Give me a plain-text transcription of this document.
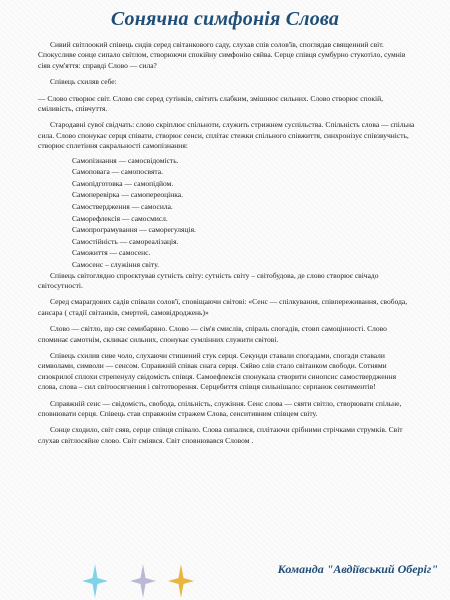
Сонячна симфонія Слова

Сивий світлоокий співець сидів серед світанкового саду, слухав спів солов'їв, споглядав священний світ. Спокусливе сонце сипало світлом, створюючи спокійну симфонію сяйва. Серце співця сумбурно стукотіло, сумнів сіяв сум'яття: справді Слово — сила?

Співець схиляв себе:

— Слово створює світ. Слово сяє серед сутінків, світить слабким, змішнює сильних. Слово створює спокій, сміливість, співчуття.

Стародавні сувої свідчать: слово скріплює спільноти, служить стрижнем суспільства. Спільність слова — спільна сила. Слово спонукає серця співати, створює сенси, сплітає стежки спільного співжиття, синхронізує співзвучність, створює сплетіння сакральності самопізнання:

Самопізнання — самосвідомість.
Самоповага — самопосвята.
Самопідготовка — самопідйом.
Самоперевірка — самопереоцінка.
Самоствердження — самосила.
Саморефлексія — самосмисл.
Самопрограмування — саморегуляція.
Самостійність — самореалізація.
Саможиття — самосенс.
Самосенс – служіння світу.

Співець світоглядно спроєктував сутність світу: сутність світу – світобудова, де слово створює свічадо світосутності.

Серед смарагдових садів співали солов'ї, сповіщаючи світові: «Сенс — спілкування, співпереживання, свобода, сансара ( стадії світанків, смертей, самовідроджень)»

Слово — світло, що сяє семибарвно. Слово — сім'я смислів, спіраль спогадів, стовп самоцінності. Слово споминає самотнім, скликає сильних, спонукає сумлінних служити світові.

Співець схилив сиве чоло, слухаючи стишений стук серця. Секунди ставали спогадами, спогади ставали символами, символи — сенсом. Справжній співак снага серця. Сяйво слів стало світанком свободи. Сотнями сизокрилої сплохи стрепенулу свідомість співця. Самоефлексія спонукала створити синопсис самоствердження слова, слова – сил світоосягнення і світотворення. Серцебиття співця сильнішало: серпанок сентиментів!

Справжній сенс — свідомість, свобода, спільність, служіння. Сенс слова — сяяти світло, створювати спільне, сповнювати серця. Співець став справжнім стражем Слова, сенситивним співцем світу.

Сонце сходило, світ сяяв, серце співця співало. Слова сипалися, сплітаючи срібними стрічками струмків. Світ слухав світлосяйне слово. Світ сміявся. Світ сповнювався Словом .

Команда "Авдіївський Оберіг"
